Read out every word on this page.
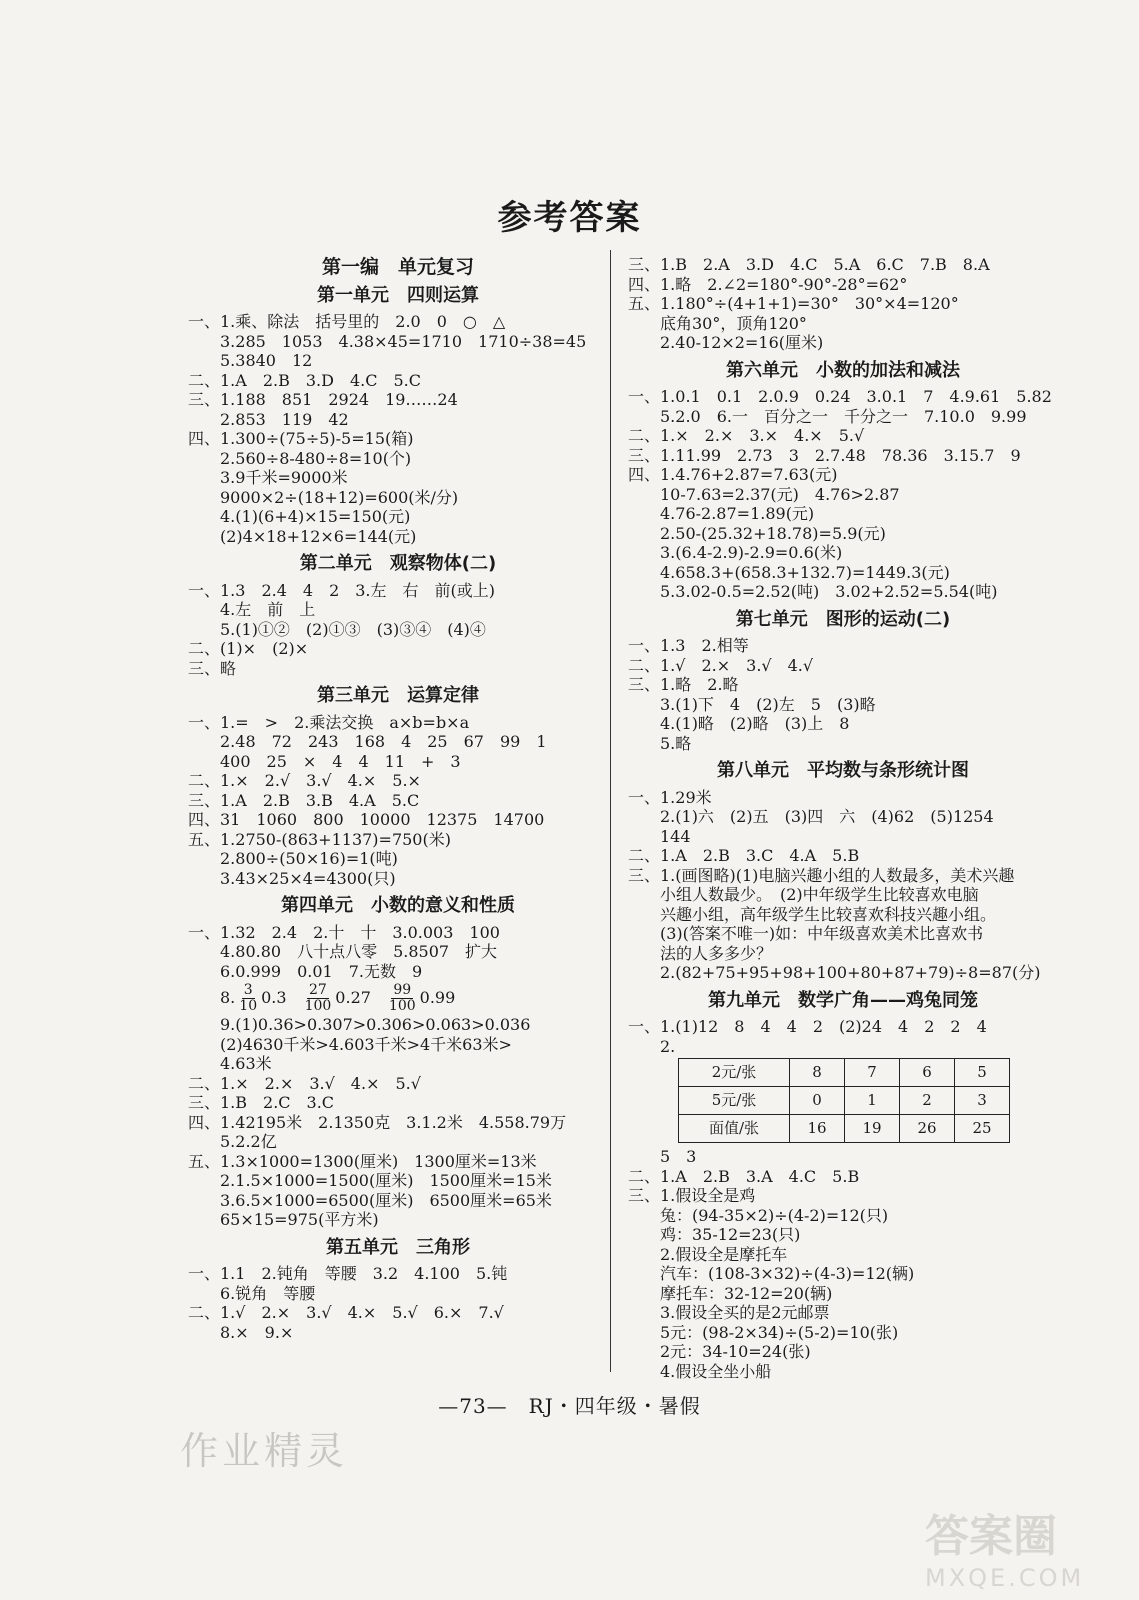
参考答案
第一编　单元复习
第一单元　四则运算
一、1.乘、除法　括号里的　2.0　0　○　△
　　3.285　1053　4.38×45=1710　1710÷38=45
　　5.3840　12
二、1.A　2.B　3.D　4.C　5.C
三、1.188　851　2924　19……24
　　2.853　119　42
四、1.300÷(75÷5)-5=15(箱)
　　2.560÷8-480÷8=10(个)
　　3.9千米=9000米
　　9000×2÷(18+12)=600(米/分)
　　4.(1)(6+4)×15=150(元)
　　(2)4×18+12×6=144(元)
第二单元　观察物体(二)
一、1.3　2.4　4　2　3.左　右　前(或上)
　　4.左　前　上
　　5.(1)①②　(2)①③　(3)③④　(4)④
二、(1)×　(2)×
三、略
第三单元　运算定律
一、1.=　>　2.乘法交换　a×b=b×a
　　2.48　72　243　168　4　25　67　99　1
　　400　25　×　4　4　11　+　3
二、1.×　2.√　3.√　4.×　5.×
三、1.A　2.B　3.B　4.A　5.C
四、31　1060　800　10000　12375　14700
五、1.2750-(863+1137)=750(米)
　　2.800÷(50×16)=1(吨)
　　3.43×25×4=4300(只)
第四单元　小数的意义和性质
一、1.32　2.4　2.十　十　3.0.003　100
　　4.80.80　八十点八零　5.8507　扩大
　　6.0.999　0.01　7.无数　9
　　8. $\frac{3}{10} 0.3 \frac{27}{100} 0.27 \frac{99}{100} 0.99$
　　9.(1)0.36>0.307>0.306>0.063>0.036
　　(2)4630千米>4.603千米>4千米63米>
　　4.63米
二、1.×　2.×　3.√　4.×　5.√
三、1.B　2.C　3.C
四、1.42195米　2.1350克　3.1.2米　4.558.79万
　　5.2.2亿
五、1.3×1000=1300(厘米)　1300厘米=13米
　　2.1.5×1000=1500(厘米)　1500厘米=15米
　　3.6.5×1000=6500(厘米)　6500厘米=65米
　　65×15=975(平方米)
第五单元　三角形
一、1.1　2.钝角　等腰　3.2　4.100　5.钝
　　6.锐角　等腰
二、1.√　2.×　3.√　4.×　5.√　6.×　7.√
　　8.×　9.×
三、1.B　2.A　3.D　4.C　5.A　6.C　7.B　8.A
四、1.略　2.∠2=180°-90°-28°=62°
五、1.180°÷(4+1+1)=30°　30°×4=120°
　　底角30°，顶角120°
　　2.40-12×2=16(厘米)
第六单元　小数的加法和减法
一、1.0.1　0.1　2.0.9　0.24　3.0.1　7　4.9.61　5.82
　　5.2.0　6.一　百分之一　千分之一　7.10.0　9.99
二、1.×　2.×　3.×　4.×　5.√
三、1.11.99　2.73　3　2.7.48　78.36　3.15.7　9
四、1.4.76+2.87=7.63(元)
　　10-7.63=2.37(元)　4.76>2.87
　　4.76-2.87=1.89(元)
　　2.50-(25.32+18.78)=5.9(元)
　　3.(6.4-2.9)-2.9=0.6(米)
　　4.658.3+(658.3+132.7)=1449.3(元)
　　5.3.02-0.5=2.52(吨)　3.02+2.52=5.54(吨)
第七单元　图形的运动(二)
一、1.3　2.相等
二、1.√　2.×　3.√　4.√
三、1.略　2.略
　　3.(1)下　4　(2)左　5　(3)略
　　4.(1)略　(2)略　(3)上　8
　　5.略
第八单元　平均数与条形统计图
一、1.29米
　　2.(1)六　(2)五　(3)四　六　(4)62　(5)1254
　　144
二、1.A　2.B　3.C　4.A　5.B
三、1.(画图略)(1)电脑兴趣小组的人数最多，美术兴趣
　　小组人数最少。　(2)中年级学生比较喜欢电脑
　　兴趣小组，高年级学生比较喜欢科技兴趣小组。
　　(3)(答案不唯一)如：中年级喜欢美术比喜欢书
　　法的人多多少？
　　2.(82+75+95+98+100+80+87+79)÷8=87(分)
第九单元　数学广角——鸡兔同笼
一、1.(1)12　8　4　4　2　(2)24　4　2　2　4
　　2.
2元/张	8	7	6	5
5元/张	0	1	2	3
面值/张	16	19	26	25
　　5　3
二、1.A　2.B　3.A　4.C　5.B
三、1.假设全是鸡
　　兔：(94-35×2)÷(4-2)=12(只)
　　鸡：35-12=23(只)
　　2.假设全是摩托车
　　汽车：(108-3×32)÷(4-3)=12(辆)
　　摩托车：32-12=20(辆)
　　3.假设全买的是2元邮票
　　5元：(98-2×34)÷(5-2)=10(张)
　　2元：34-10=24(张)
　　4.假设全坐小船
—73—　RJ・四年级・暑假
作业精灵
答案圈
MXQE.COM
